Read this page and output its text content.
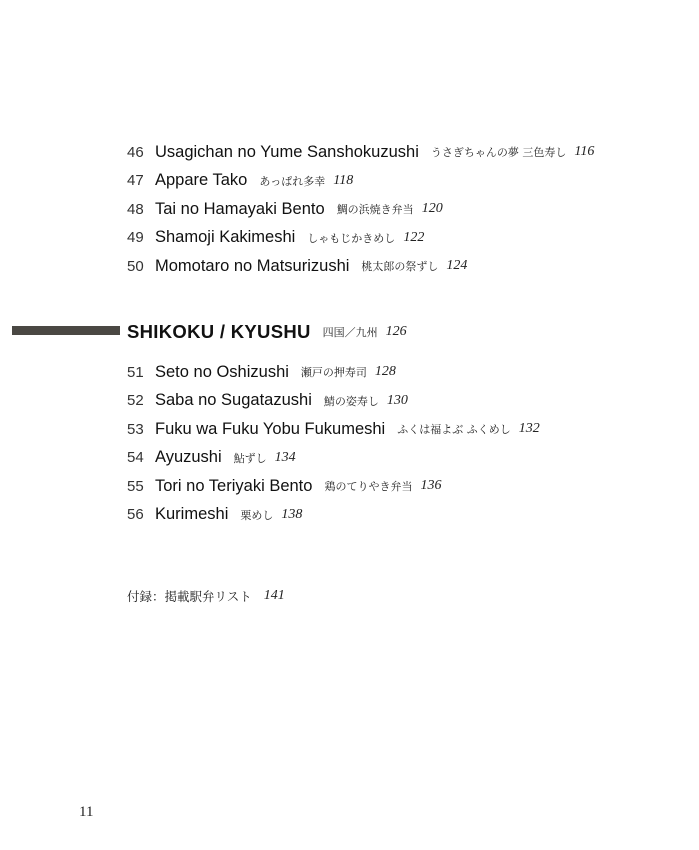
46 Usagichan no Yume Sanshokuzushi うさぎちゃんの夢 三色寿し 116
47 Appare Tako あっぱれ多幸 118
48 Tai no Hamayaki Bento 鯛の浜焼き弁当 120
49 Shamoji Kakimeshi しゃもじかきめし 122
50 Momotaro no Matsurizushi 桃太郎の祭ずし 124
SHIKOKU / KYUSHU 四国／九州 126
51 Seto no Oshizushi 瀬戸の押寿司 128
52 Saba no Sugatazushi 鯖の姿寿し 130
53 Fuku wa Fuku Yobu Fukumeshi ふくは福よぶ ふくめし 132
54 Ayuzushi 鮎ずし 134
55 Tori no Teriyaki Bento 鶏のてりやき弁当 136
56 Kurimeshi 栗めし 138
付録：掲載駅弁リスト 141
11
